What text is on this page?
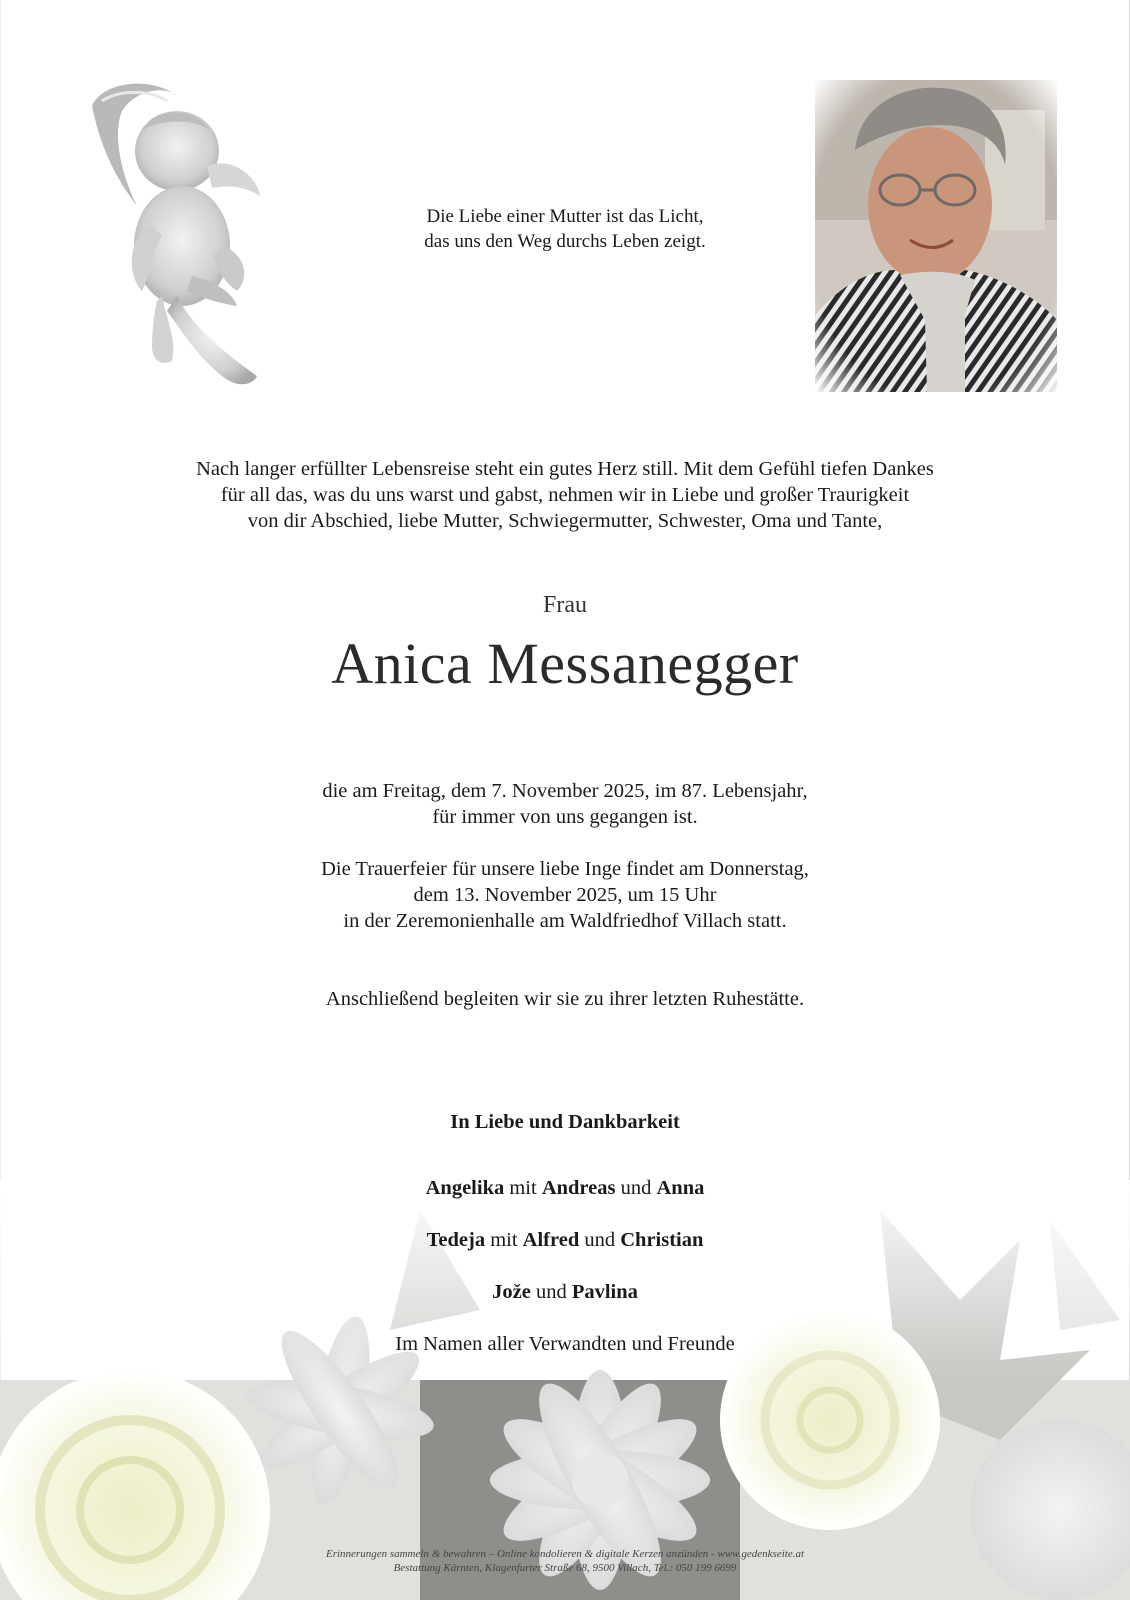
Die Liebe einer Mutter ist das Licht,
das uns den Weg durchs Leben zeigt.
Nach langer erfüllter Lebensreise steht ein gutes Herz still. Mit dem Gefühl tiefen Dankes
für all das, was du uns warst und gabst, nehmen wir in Liebe und großer Traurigkeit
von dir Abschied, liebe Mutter, Schwiegermutter, Schwester, Oma und Tante,
Frau
Anica Messanegger
die am Freitag, dem 7. November 2025, im 87. Lebensjahr,
für immer von uns gegangen ist.
Die Trauerfeier für unsere liebe Inge findet am Donnerstag,
dem 13. November 2025, um 15 Uhr
in der Zeremonienhalle am Waldfriedhof Villach statt.
Anschließend begleiten wir sie zu ihrer letzten Ruhestätte.
In Liebe und Dankbarkeit
Angelika mit Andreas und Anna
Tedeja mit Alfred und Christian
Jože und Pavlina
Im Namen aller Verwandten und Freunde
Erinnerungen sammeln & bewahren – Online kondolieren & digitale Kerzen anzünden - www.gedenkseite.at
Bestattung Kärnten, Klagenfurter Straße 68, 9500 Villach, Tel.: 050 199 6699
